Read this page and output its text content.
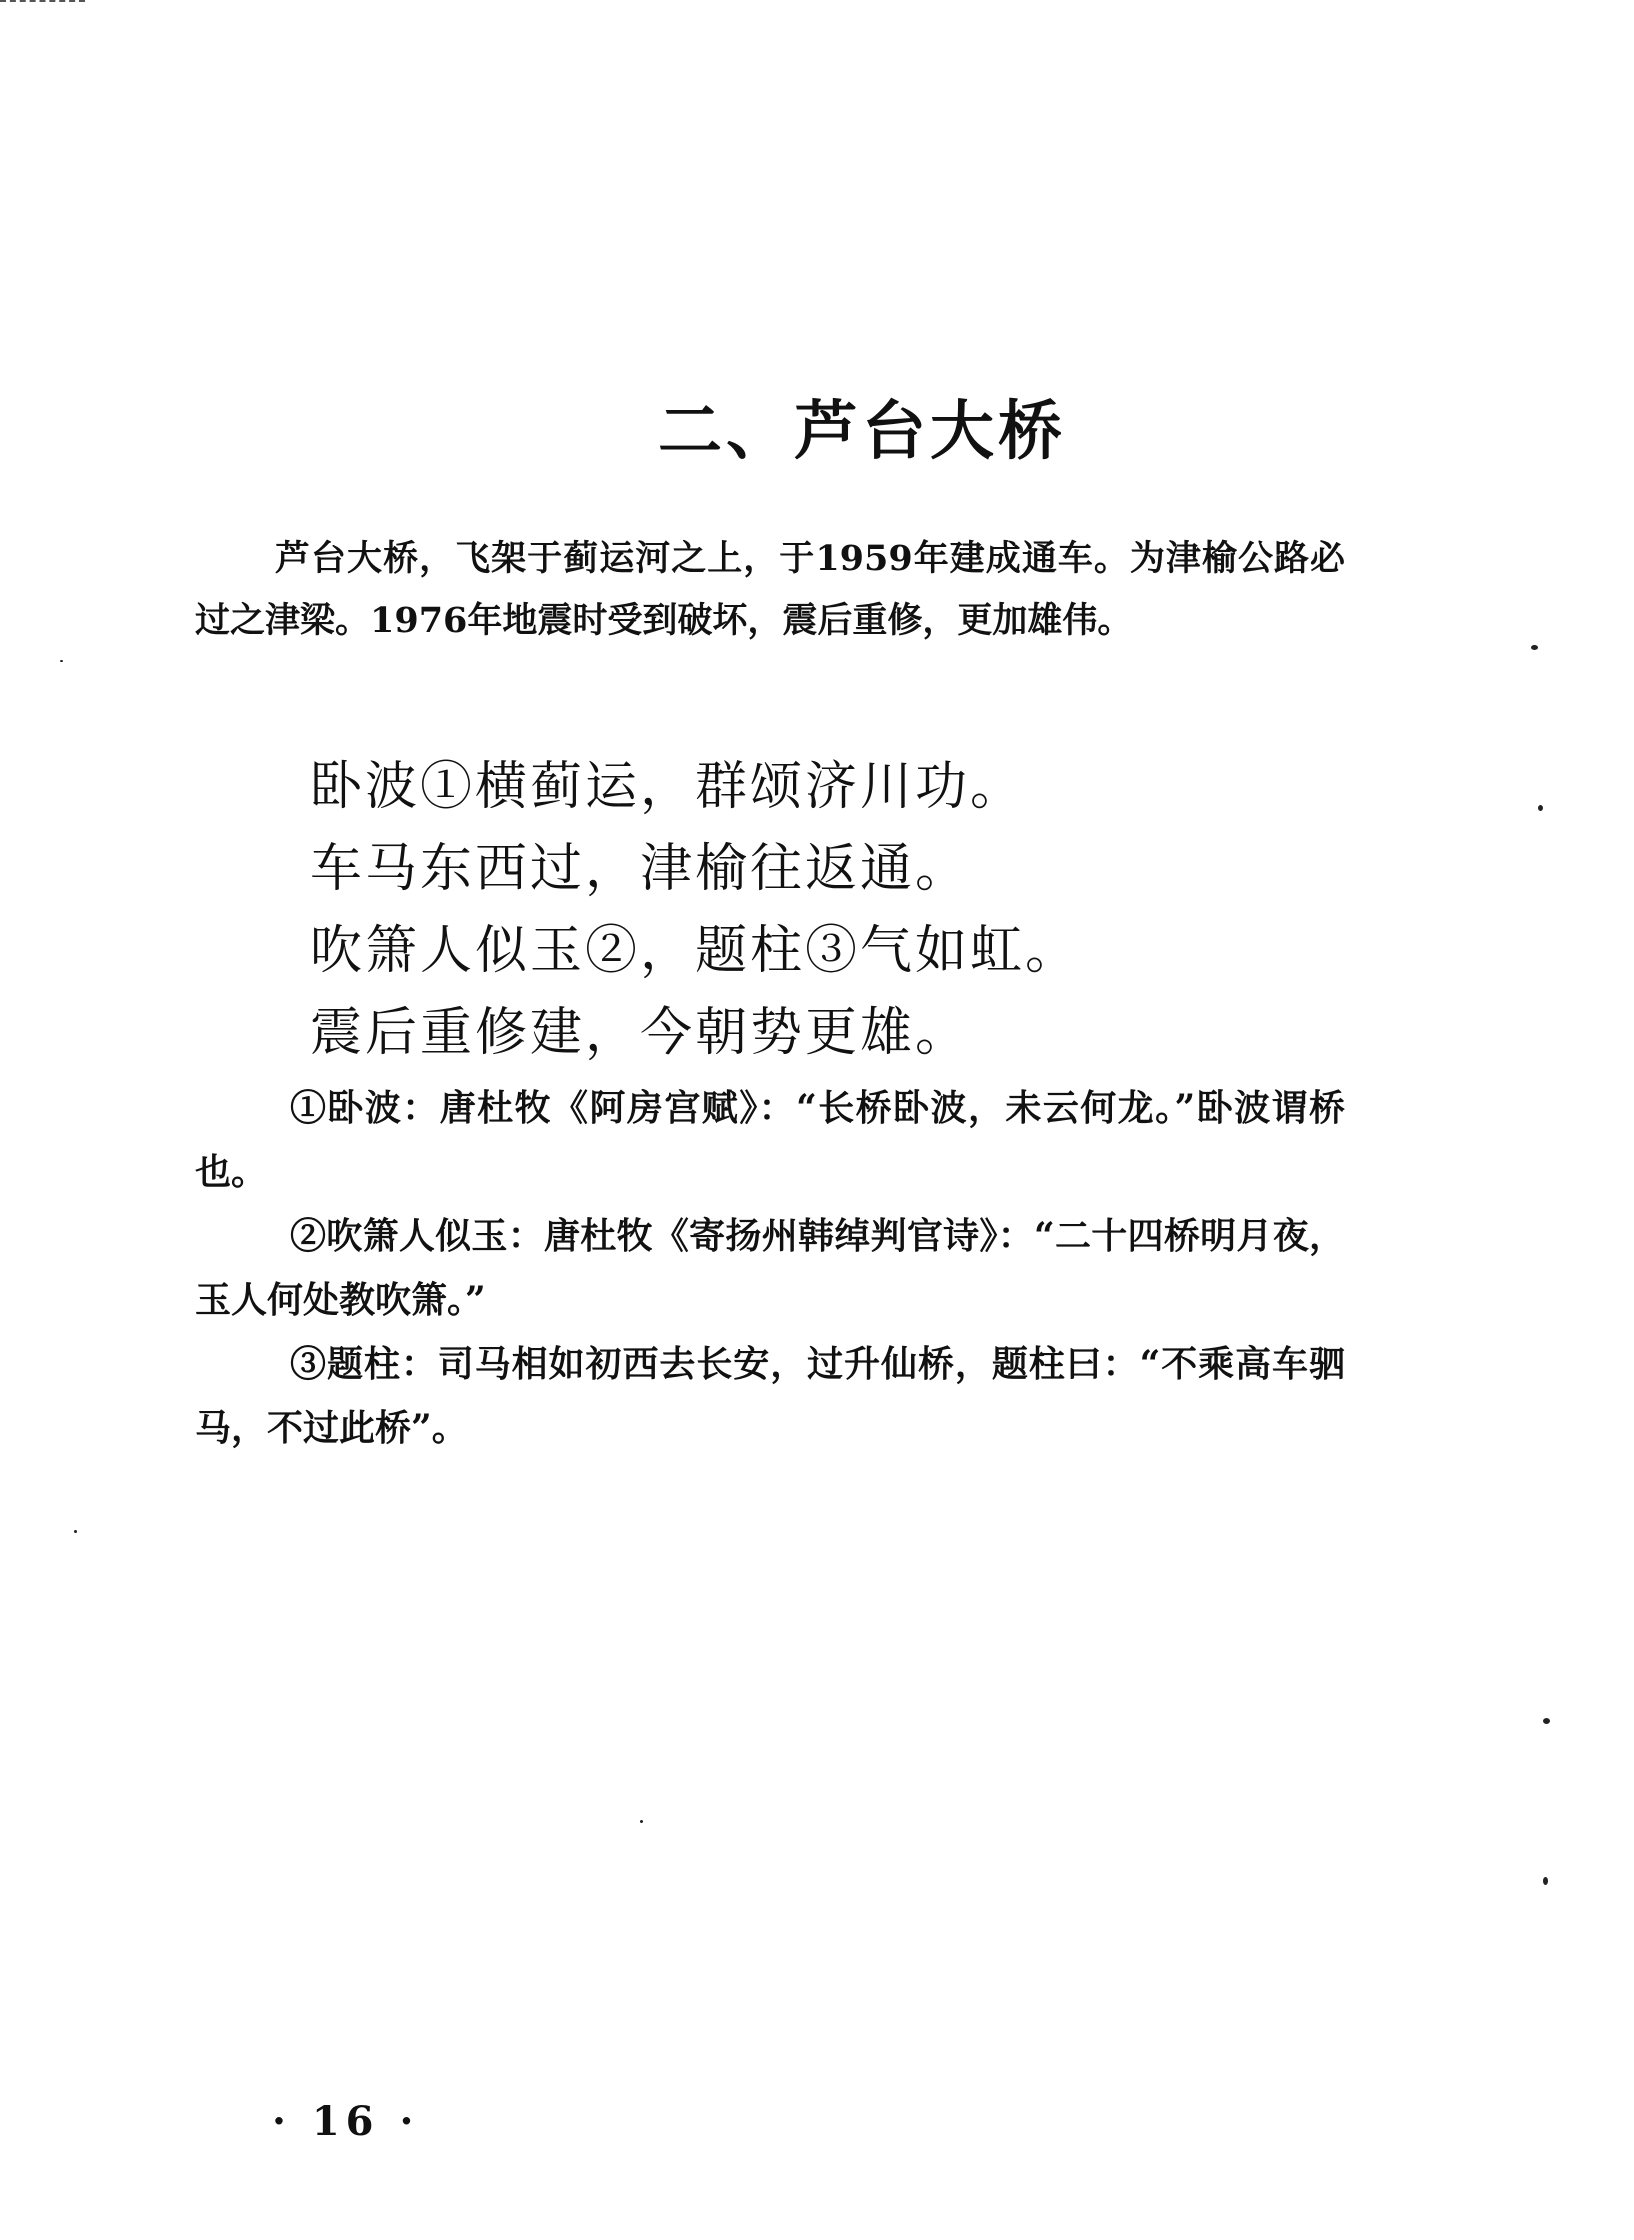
二、芦台大桥

芦台大桥，飞架于蓟运河之上，于1959年建成通车。为津榆公路必过之津梁。1976年地震时受到破坏，震后重修，更加雄伟。

卧波①横蓟运，群颂济川功。
车马东西过，津榆往返通。
吹箫人似玉②，题柱③气如虹。
震后重修建，今朝势更雄。

①卧波：唐杜牧《阿房宫赋》：“长桥卧波，未云何龙。”卧波谓桥也。

②吹箫人似玉：唐杜牧《寄扬州韩绰判官诗》：“二十四桥明月夜，玉人何处教吹箫。”

③题柱：司马相如初西去长安，过升仙桥，题柱曰：“不乘高车驷马，不过此桥”。

· 16 ·
